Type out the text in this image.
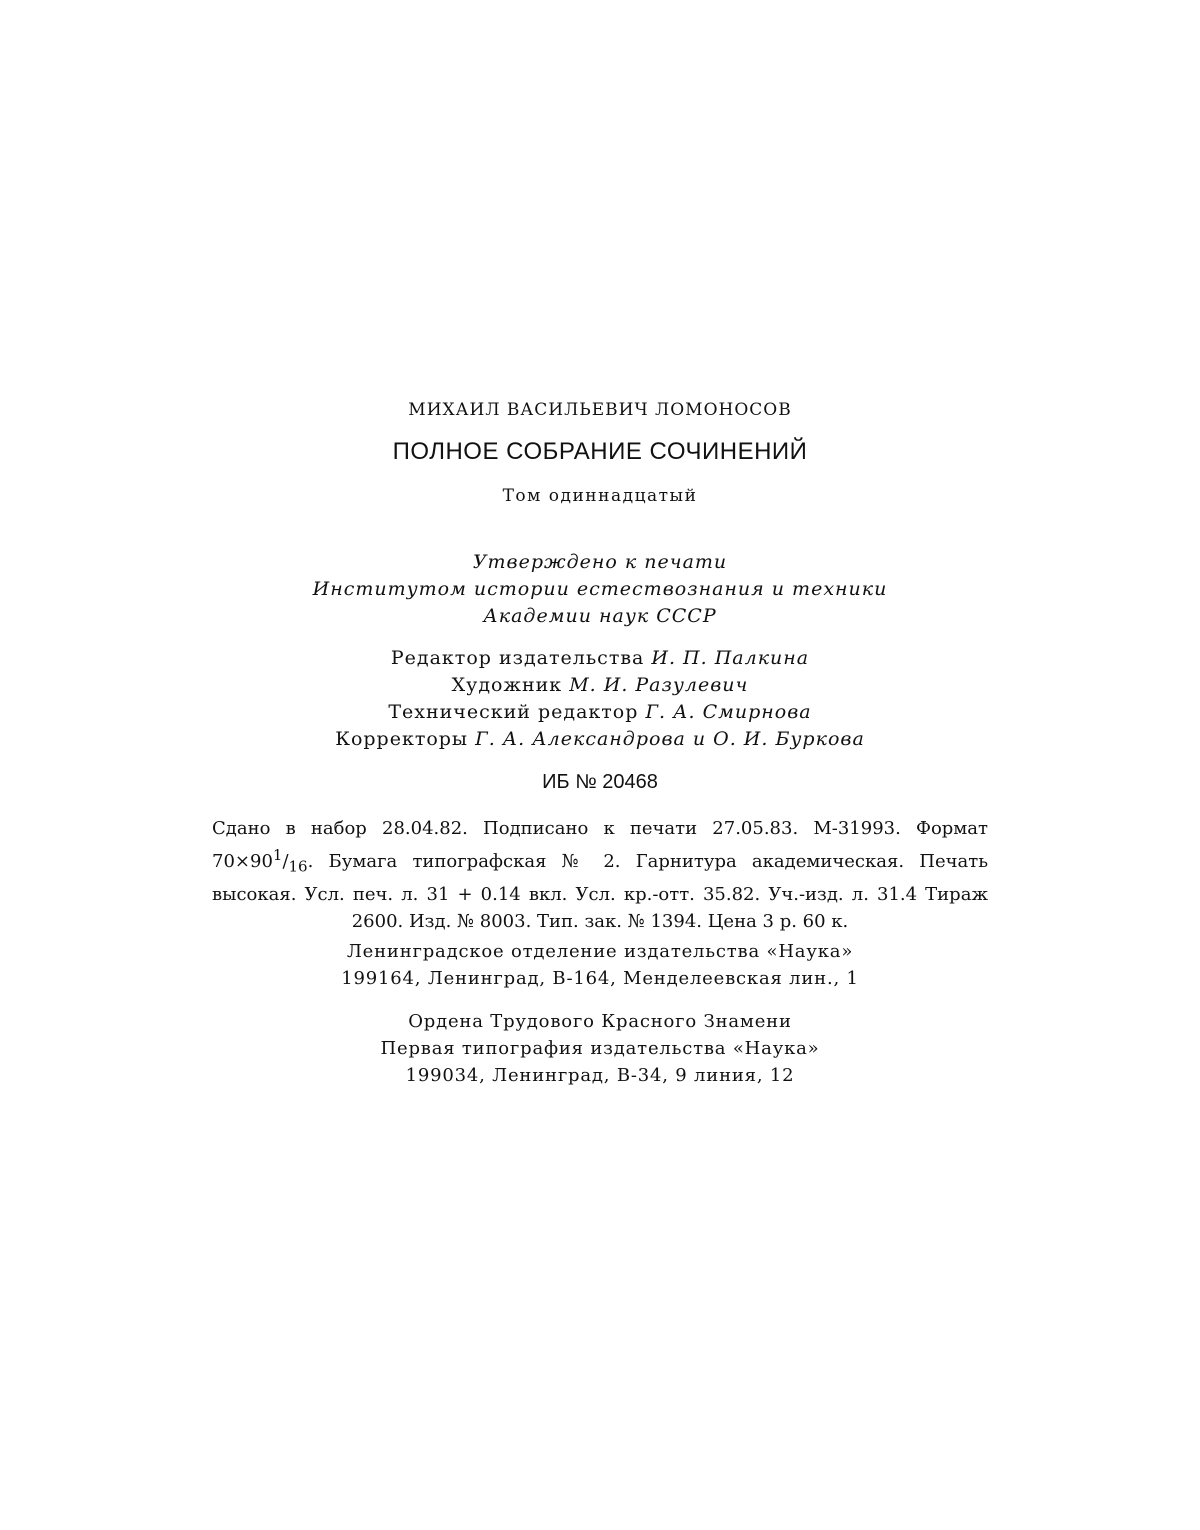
МИХАИЛ ВАСИЛЬЕВИЧ ЛОМОНОСОВ
ПОЛНОЕ СОБРАНИЕ СОЧИНЕНИЙ
Том одиннадцатый
Утверждено к печати
Институтом истории естествознания и техники
Академии наук СССР
Редактор издательства И. П. Палкина
Художник М. И. Разулевич
Технический редактор Г. А. Смирнова
Корректоры Г. А. Александрова и О. И. Буркова
ИБ № 20468
Сдано в набор 28.04.82. Подписано к печати 27.05.83. М-31993. Формат $70\times 90^1/_{16}$. Бумага типографская № 2. Гарнитура академическая. Печать высокая. Усл. печ. л. 31 + 0.14 вкл. Усл. кр.-отт. 35.82. Уч.-изд. л. 31.4 Тираж 2600. Изд. № 8003. Тип. зак. № 1394. Цена 3 р. 60 к.
Ленинградское отделение издательства «Наука»
199164, Ленинград, В-164, Менделеевская лин., 1
Ордена Трудового Красного Знамени
Первая типография издательства «Наука»
199034, Ленинград, В-34, 9 линия, 12
